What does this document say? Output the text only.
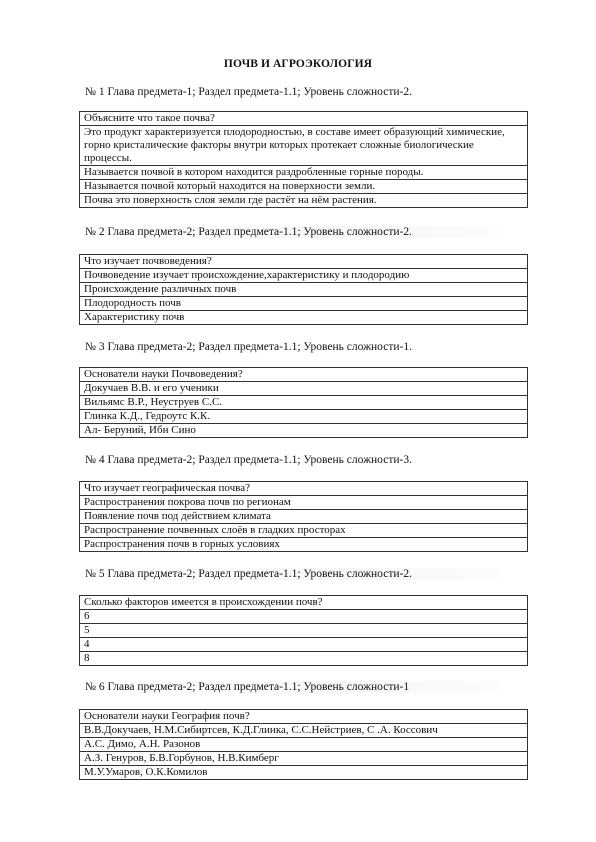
ПОЧВ И АГРОЭКОЛОГИЯ
№ 1 Глава предмета-1; Раздел предмета-1.1; Уровень сложности-2.
Объясните что такое почва?
Это продукт характеризуется плодородностью, в составе имеет образующий химические, горно кристалические факторы внутри которых протекает сложные биологические процессы.
Называется почвой в котором находится раздробленные горные породы.
Называется почвой который находится на поверхности земли.
Почва это поверхность слоя земли где растёт на нём растения.
№ 2 Глава предмета-2; Раздел предмета-1.1; Уровень сложности-2.
Что изучает почвоведения?
Почвоведение изучает происхождение,характеристику и плодородию
Происхождение различных почв
Плодородность почв
Характеристику почв
№ 3 Глава предмета-2; Раздел предмета-1.1; Уровень сложности-1.
Основатели науки Почвоведения?
Докучаев В.В. и его ученики
Вильямс В.Р., Неуструев С.С.
Глинка К.Д., Гедроутс К.К.
Ал- Беруний, Ибн Сино
№ 4 Глава предмета-2; Раздел предмета-1.1; Уровень сложности-3.
Что изучает географическая почва?
Распространения покрова почв по регионам
Появление почв под действием климата
Распространение почвенных слоёв в гладких просторах
Распространения почв в горных условиях
№ 5 Глава предмета-2; Раздел предмета-1.1; Уровень сложности-2.
Сколько факторов имеется в происхождении почв?
6
5
4
8
№ 6 Глава предмета-2; Раздел предмета-1.1; Уровень сложности-1
Основатели науки География почв?
В.В.Докучаев, Н.М.Сибиртсев, К.Д.Глинка, С.С.Нейстриев, С .А. Коссович
А.С. Димо, А.Н. Разонов
А.З. Генуров, Б.В.Горбунов, Н.В.Кимберг
М.У.Умаров, О.К.Комилов
